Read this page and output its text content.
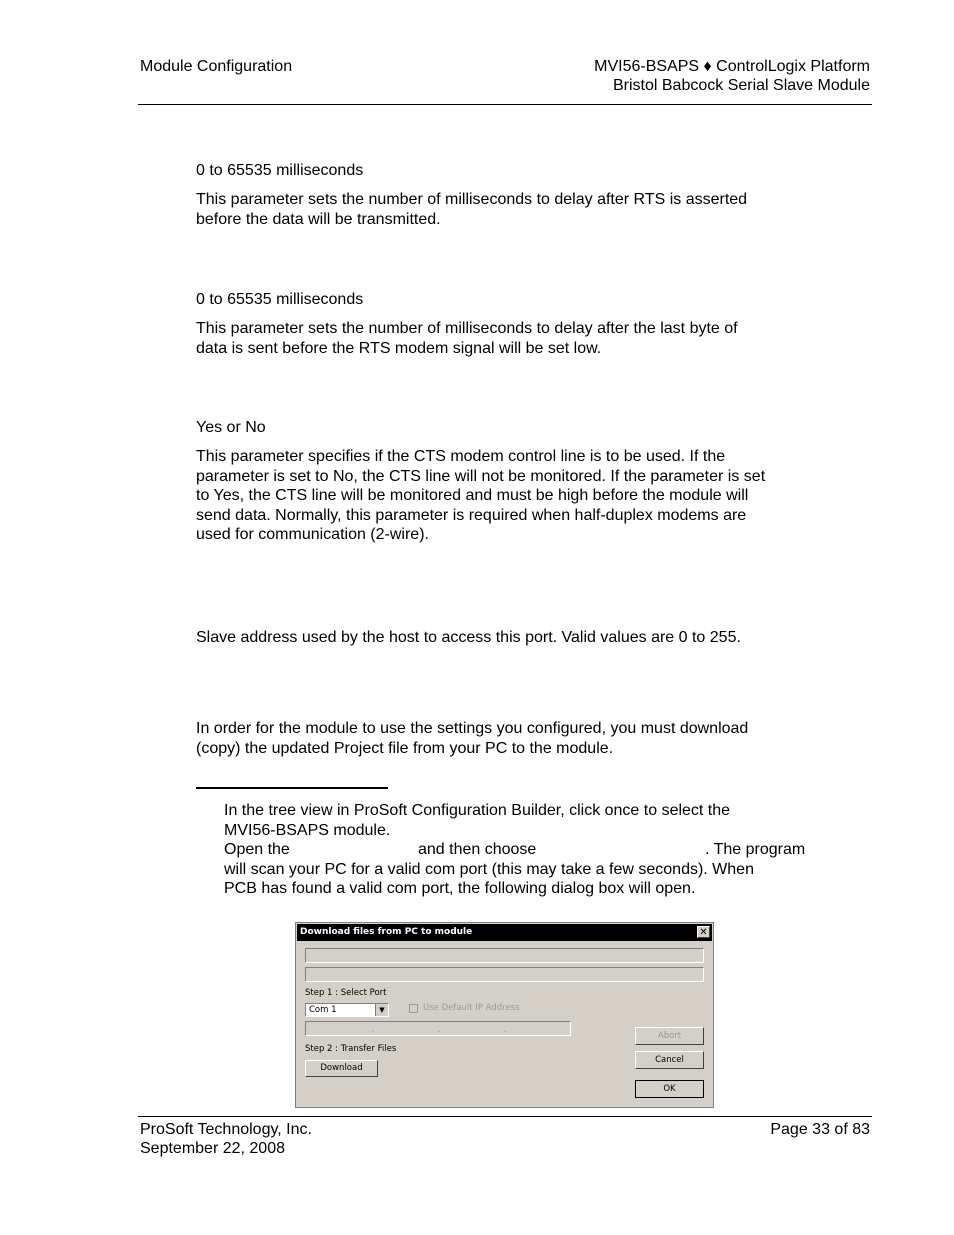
Module Configuration	MVI56-BSAPS ♦ ControlLogix Platform
Bristol Babcock Serial Slave Module
0 to 65535 milliseconds
This parameter sets the number of milliseconds to delay after RTS is asserted
before the data will be transmitted.
0 to 65535 milliseconds
This parameter sets the number of milliseconds to delay after the last byte of
data is sent before the RTS modem signal will be set low.
Yes or No
This parameter specifies if the CTS modem control line is to be used. If the
parameter is set to No, the CTS line will not be monitored. If the parameter is set
to Yes, the CTS line will be monitored and must be high before the module will
send data. Normally, this parameter is required when half-duplex modems are
used for communication (2-wire).
Slave address used by the host to access this port. Valid values are 0 to 255.
In order for the module to use the settings you configured, you must download
(copy) the updated Project file from your PC to the module.
In the tree view in ProSoft Configuration Builder, click once to select the
MVI56-BSAPS module.
Open the	and then choose	. The program
will scan your PC for a valid com port (this may take a few seconds). When
PCB has found a valid com port, the following dialog box will open.
Download files from PC to module	✕
Step 1 : Select Port
Com 1	▼	Use Default IP Address
.	.	.
Step 2 : Transfer Files
Download
Abort
Cancel
OK
ProSoft Technology, Inc.
September 22, 2008
Page 33 of 83
